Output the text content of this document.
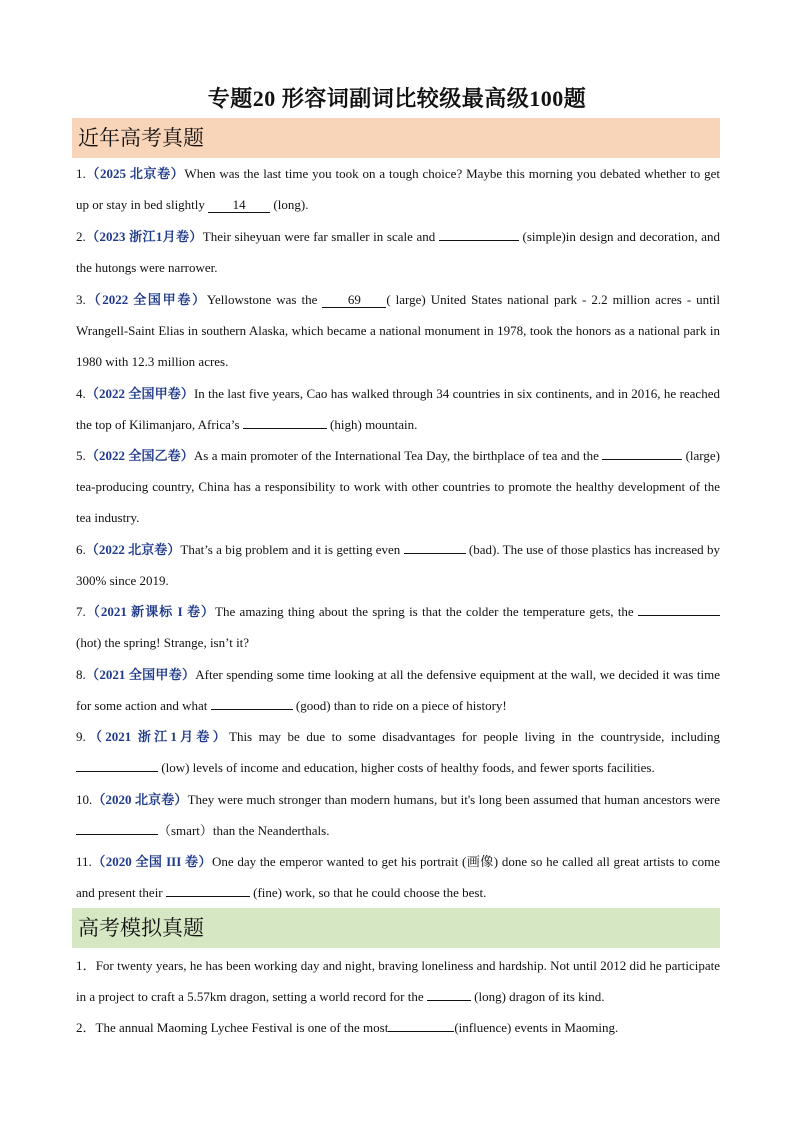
专题20 形容词副词比较级最高级100题
近年高考真题
1.（2025 北京卷）When was the last time you took on a tough choice? Maybe this morning you debated whether to get up or stay in bed slightly 14 (long).
2.（2023 浙江1月卷）Their siheyuan were far smaller in scale and	(simple)in design and decoration, and the hutongs were narrower.
3.（2022 全国甲卷）Yellowstone was the 69 ( large) United States national park - 2.2 million acres - until Wrangell-Saint Elias in southern Alaska, which became a national monument in 1978, took the honors as a national park in 1980 with 12.3 million acres.
4.（2022 全国甲卷）In the last five years, Cao has walked through 34 countries in six continents, and in 2016, he reached the top of Kilimanjaro, Africa’s	(high) mountain.
5.（2022 全国乙卷）As a main promoter of the International Tea Day, the birthplace of tea and the	(large) tea-producing country, China has a responsibility to work with other countries to promote the healthy development of the tea industry.
6.（2022 北京卷）That’s a big problem and it is getting even	(bad). The use of those plastics has increased by 300% since 2019.
7.（2021 新课标 I 卷）The amazing thing about the spring is that the colder the temperature gets, the  (hot) the spring! Strange, isn’t it?
8.（2021 全国甲卷）After spending some time looking at all the defensive equipment at the wall, we decided it was time for some action and what	(good) than to ride on a piece of history!
9.（2021 浙江1月卷）This may be due to some disadvantages for people living in the countryside, including  (low) levels of income and education, higher costs of healthy foods, and fewer sports facilities.
10.（2020 北京卷）They were much stronger than modern humans, but it's long been assumed that human ancestors were（smart）than the Neanderthals.
11.（2020 全国 III 卷）One day the emperor wanted to get his portrait (画像) done so he called all great artists to come and present their	(fine) work, so that he could choose the best.
高考模拟真题
1．For twenty years, he has been working day and night, braving loneliness and hardship. Not until 2012 did he participate in a project to craft a 5.57km dragon, setting a world record for the	(long) dragon of its kind.
2．The annual Maoming Lychee Festival is one of the most	(influence) events in Maoming.
